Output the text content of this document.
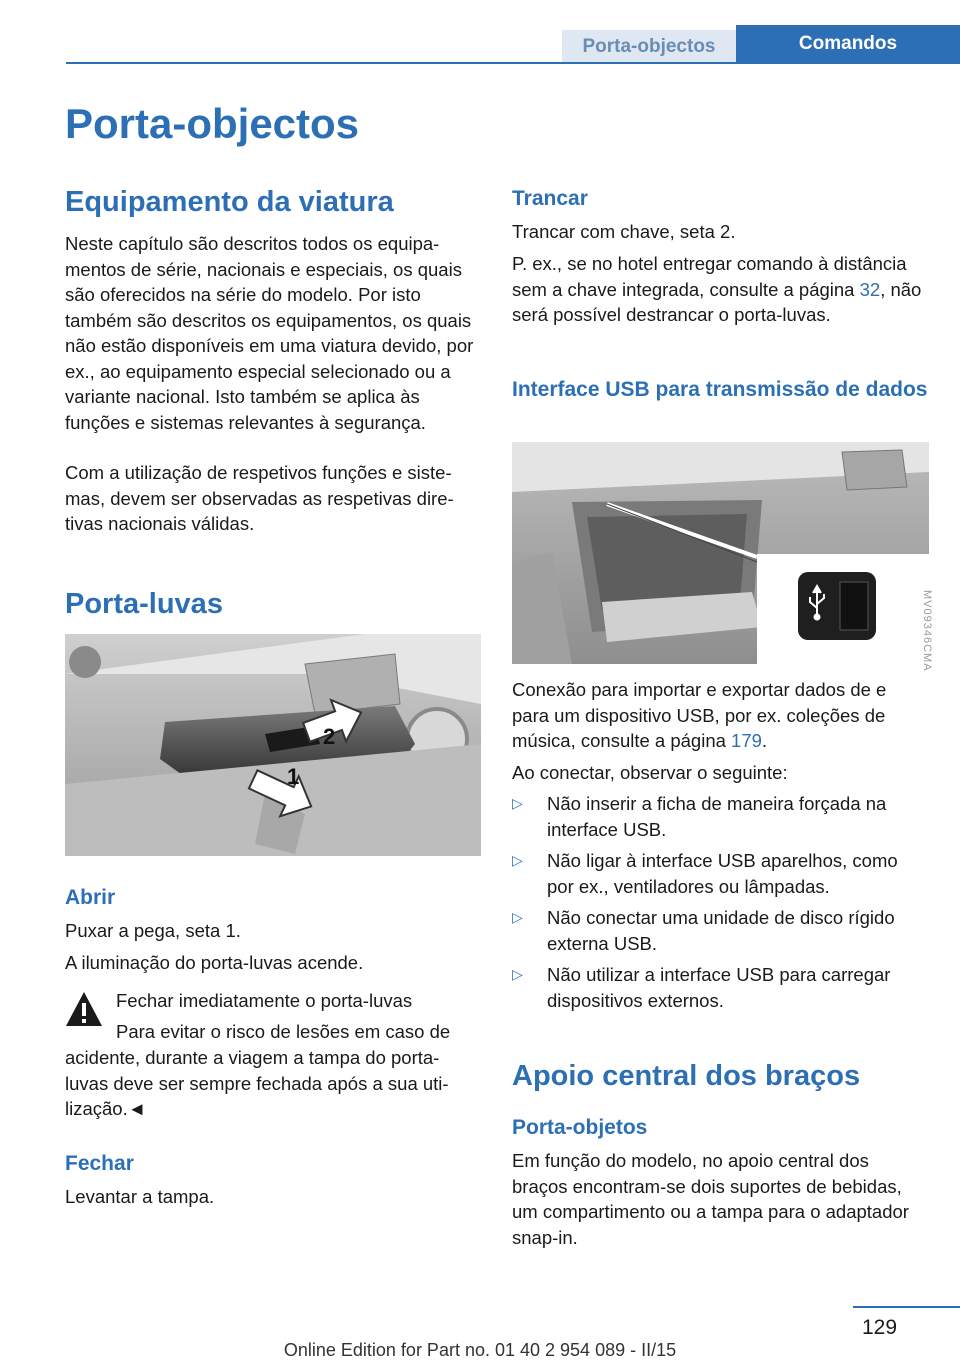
Porta-objectos	Comandos
Porta-objectos
Equipamento da viatura

Neste capítulo são descritos todos os equipamentos de série, nacionais e especiais, os quais são oferecidos na série do modelo. Por isto também são descritos os equipamentos, os quais não estão disponíveis em uma viatura devido, por ex., ao equipamento especial selecionado ou a variante nacional. Isto também se aplica às funções e sistemas relevantes à segurança.

Com a utilização de respetivos funções e sistemas, devem ser observadas as respetivas diretivas nacionais válidas.

Porta-luvas
2
1
Abrir

Puxar a pega, seta 1.

A iluminação do porta-luvas acende.

Fechar imediatamente o porta-luvas

Para evitar o risco de lesões em caso de

acidente, durante a viagem a tampa do porta-luvas deve ser sempre fechada após a sua utilização.◄

Fechar

Levantar a tampa.

Trancar

Trancar com chave, seta 2.

P. ex., se no hotel entregar comando à distância sem a chave integrada, consulte a página 32, não será possível destrancar o porta-luvas.

Interface USB para transmissão de dados
MV09346CMA

Conexão para importar e exportar dados de e para um dispositivo USB, por ex. coleções de música, consulte a página 179.

Ao conectar, observar o seguinte:

▷ Não inserir a ficha de maneira forçada na interface USB.
▷ Não ligar à interface USB aparelhos, como por ex., ventiladores ou lâmpadas.
▷ Não conectar uma unidade de disco rígido externa USB.
▷ Não utilizar a interface USB para carregar dispositivos externos.
Apoio central dos braços
Porta-objetos

Em função do modelo, no apoio central dos braços encontram-se dois suportes de bebidas, um compartimento ou a tampa para o adaptador snap-in.

129
Online Edition for Part no. 01 40 2 954 089 - II/15
